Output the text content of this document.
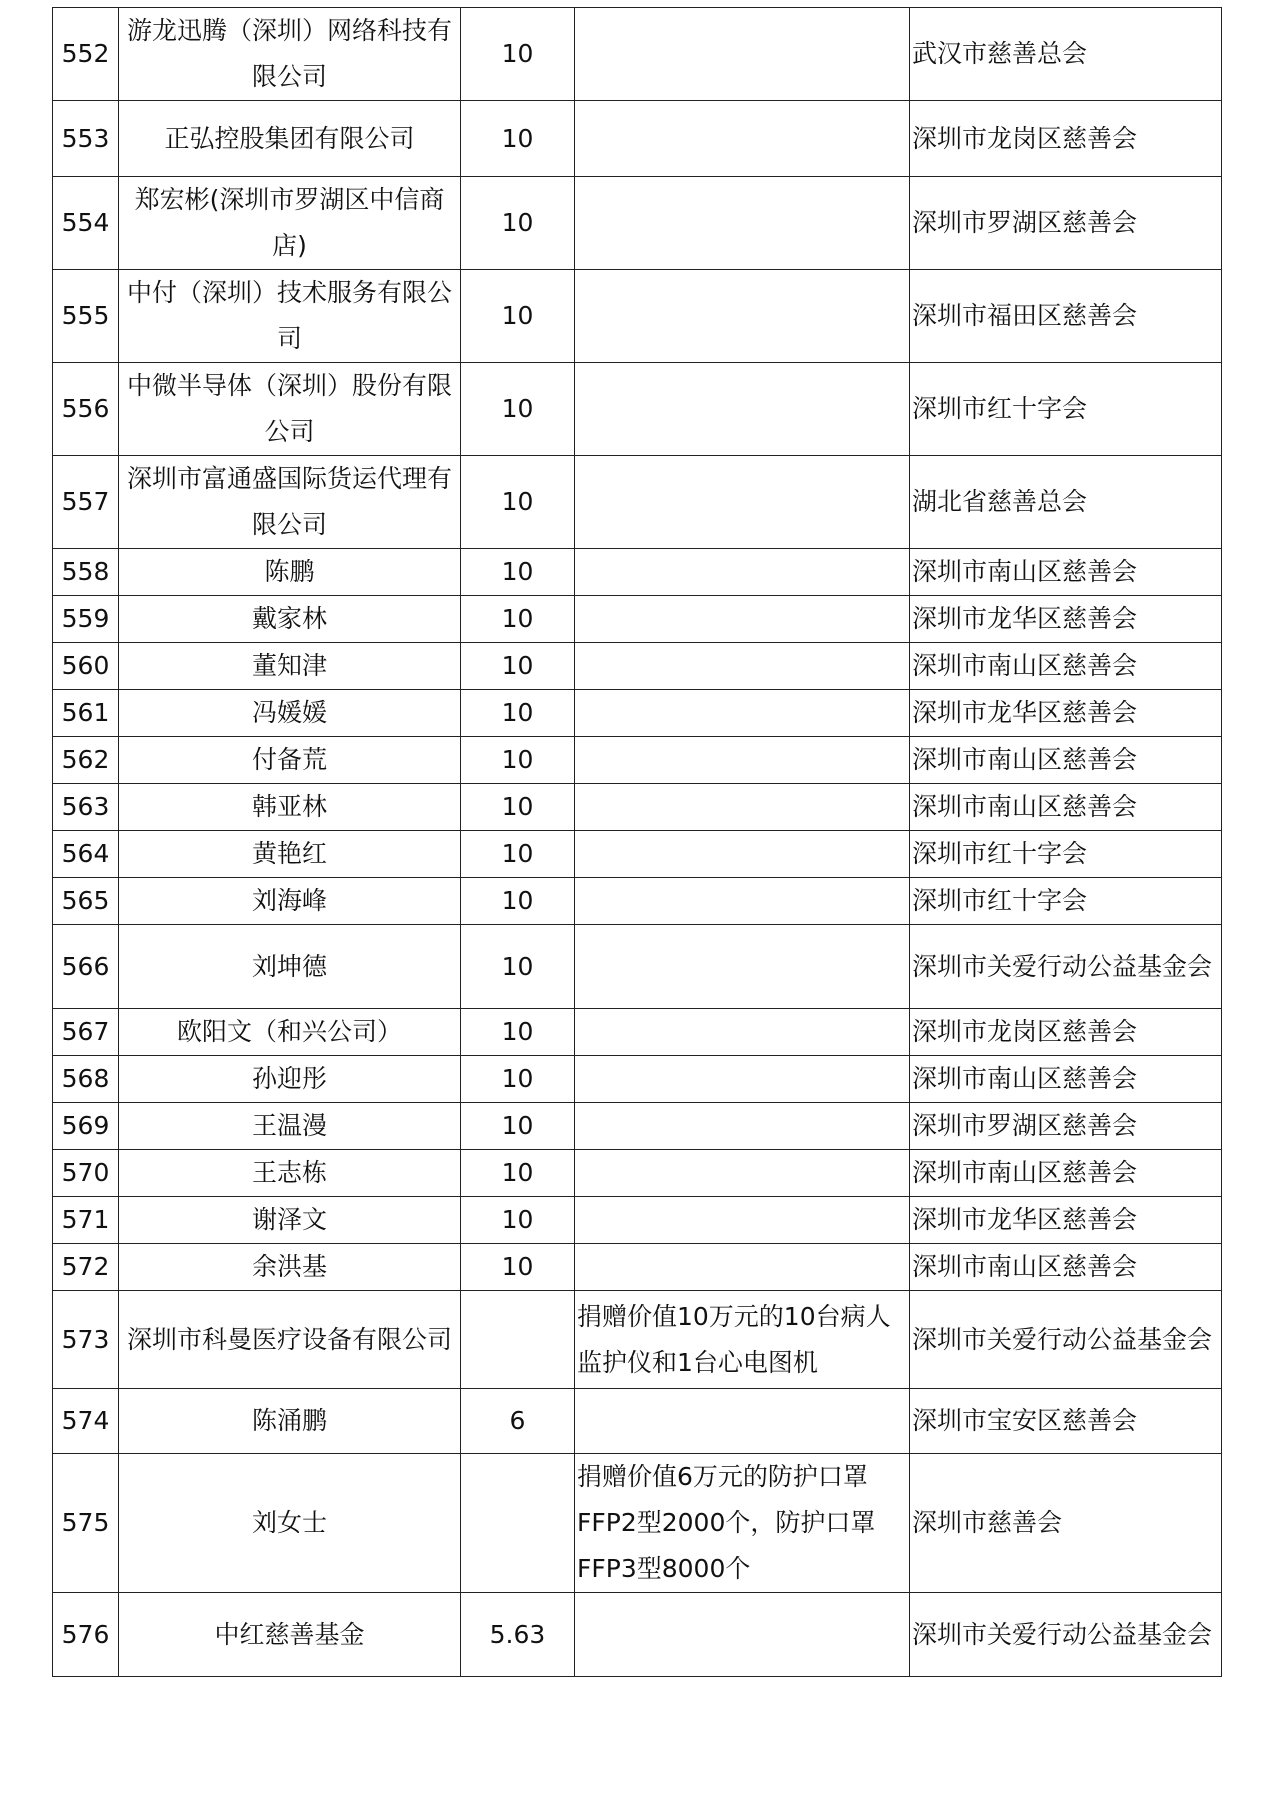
552	游龙迅腾（深圳）网络科技有限公司	10		武汉市慈善总会

553	正弘控股集团有限公司	10		深圳市龙岗区慈善会

554	郑宏彬(深圳市罗湖区中信商店)	10		深圳市罗湖区慈善会

555	中付（深圳）技术服务有限公司	10		深圳市福田区慈善会

556	中微半导体（深圳）股份有限公司	10		深圳市红十字会

557	深圳市富通盛国际货运代理有限公司	10		湖北省慈善总会

558	陈鹏	10		深圳市南山区慈善会

559	戴家林	10		深圳市龙华区慈善会

560	董知津	10		深圳市南山区慈善会

561	冯媛媛	10		深圳市龙华区慈善会

562	付备荒	10		深圳市南山区慈善会

563	韩亚林	10		深圳市南山区慈善会

564	黄艳红	10		深圳市红十字会

565	刘海峰	10		深圳市红十字会

566	刘坤德	10		深圳市关爱行动公益基金会

567	欧阳文（和兴公司）	10		深圳市龙岗区慈善会

568	孙迎彤	10		深圳市南山区慈善会

569	王温漫	10		深圳市罗湖区慈善会

570	王志栋	10		深圳市南山区慈善会

571	谢泽文	10		深圳市龙华区慈善会

572	余洪基	10		深圳市南山区慈善会

573	深圳市科曼医疗设备有限公司		捐赠价值10万元的10台病人监护仪和1台心电图机	深圳市关爱行动公益基金会

574	陈涌鹏	6		深圳市宝安区慈善会

575	刘女士		捐赠价值6万元的防护口罩FFP2型2000个，防护口罩FFP3型8000个	深圳市慈善会

576	中红慈善基金	5.63		深圳市关爱行动公益基金会
